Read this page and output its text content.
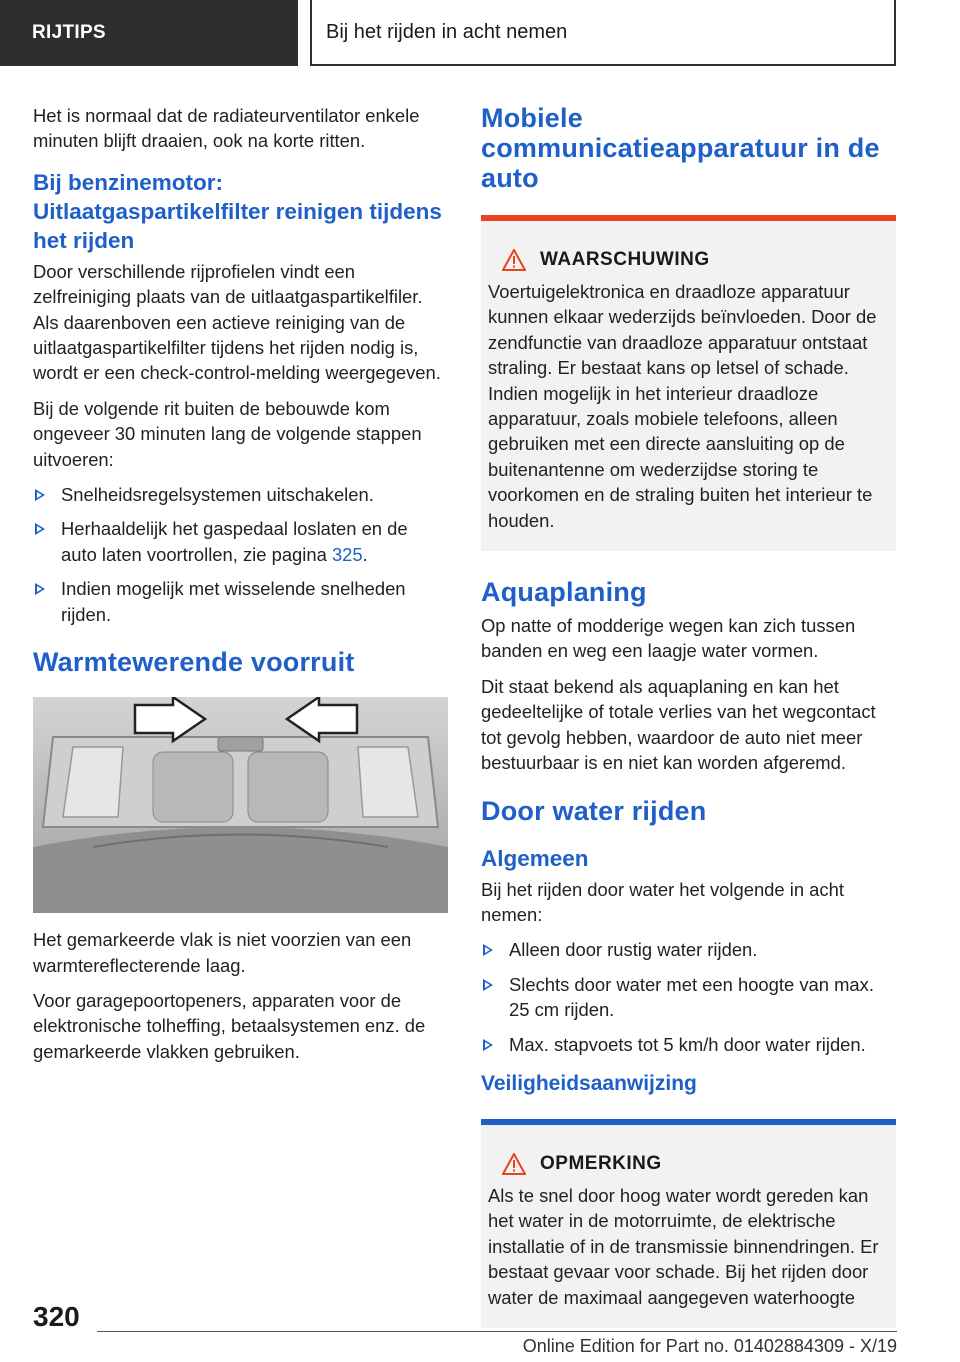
RIJTIPS	Bij het rijden in acht nemen

Het is normaal dat de radiateurventilator enkele minuten blijft draaien, ook na korte ritten.

Bij benzinemotor: Uitlaatgaspartikelfilter reinigen tijdens het rijden

Door verschillende rijprofielen vindt een zelfreiniging plaats van de uitlaatgaspartikelfiler. Als daarenboven een actieve reiniging van de uitlaatgaspartikelfilter tijdens het rijden nodig is, wordt er een check-control-melding weergegeven.

Bij de volgende rit buiten de bebouwde kom ongeveer 30 minuten lang de volgende stappen uitvoeren:

Snelheidsregelsystemen uitschakelen.
Herhaaldelijk het gaspedaal loslaten en de auto laten voortrollen, zie pagina 325.
Indien mogelijk met wisselende snelheden rijden.
Warmtewerende voorruit

Het gemarkeerde vlak is niet voorzien van een warmtereflecterende laag.

Voor garagepoortopeners, apparaten voor de elektronische tolheffing, betaalsystemen enz. de gemarkeerde vlakken gebruiken.

Mobiele communicatieapparatuur in de auto
WAARSCHUWING

Voertuigelektronica en draadloze apparatuur kunnen elkaar wederzijds beïnvloeden. Door de zendfunctie van draadloze apparatuur ontstaat straling. Er bestaat kans op letsel of schade. Indien mogelijk in het interieur draadloze apparatuur, zoals mobiele telefoons, alleen gebruiken met een directe aansluiting op de buitenantenne om wederzijdse storing te voorkomen en de straling buiten het interieur te houden.

Aquaplaning

Op natte of modderige wegen kan zich tussen banden en weg een laagje water vormen.

Dit staat bekend als aquaplaning en kan het gedeeltelijke of totale verlies van het wegcontact tot gevolg hebben, waardoor de auto niet meer bestuurbaar is en niet kan worden afgeremd.

Door water rijden
Algemeen

Bij het rijden door water het volgende in acht nemen:

Alleen door rustig water rijden.
Slechts door water met een hoogte van max. 25 cm rijden.
Max. stapvoets tot 5 km/h door water rijden.
Veiligheidsaanwijzing
OPMERKING

Als te snel door hoog water wordt gereden kan het water in de motorruimte, de elektrische installatie of in de transmissie binnendringen. Er bestaat gevaar voor schade. Bij het rijden door water de maximaal aangegeven waterhoogte

320
Online Edition for Part no. 01402884309 - X/19
